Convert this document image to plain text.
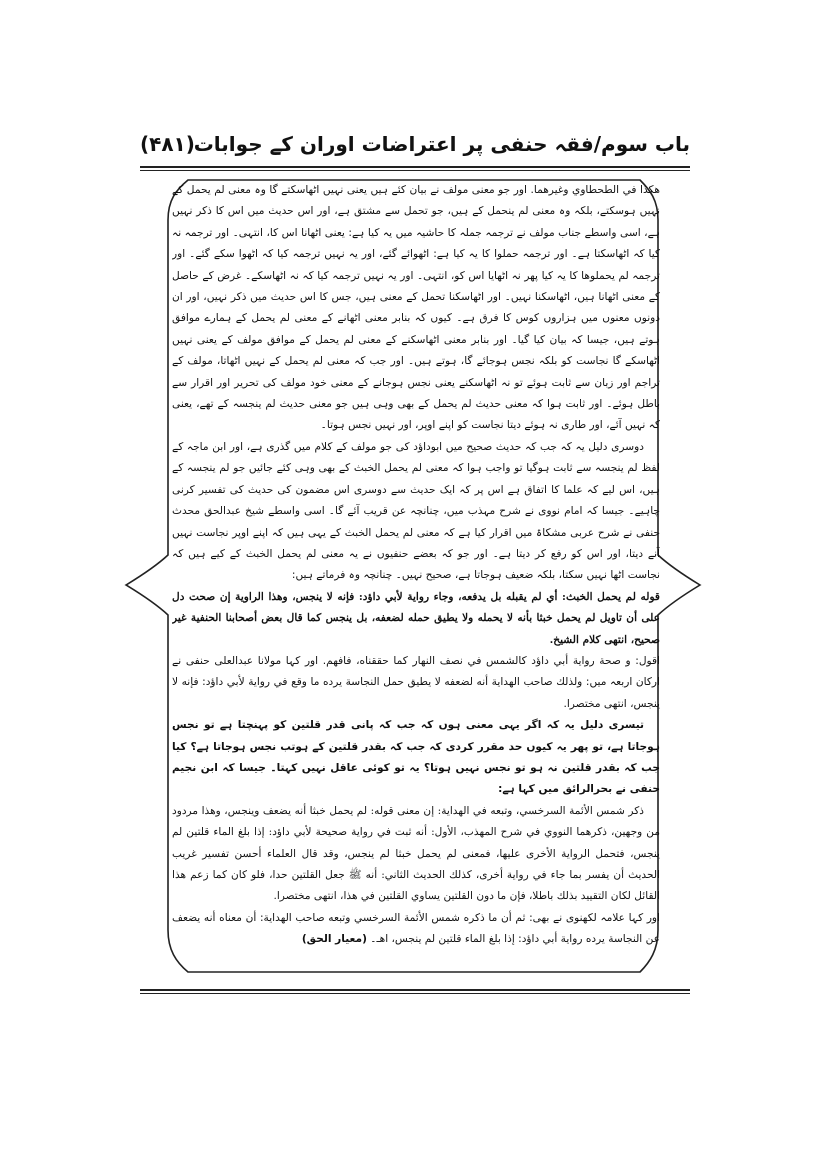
باب سوم/فقہ حنفی پر اعتراضات اوران کے جوابات
(۴۸۱)

هكذا في الطحطاوي وغيرهما. اور جو معنی مولف نے بیان کئے ہیں یعنی نہیں اٹھاسکتے گا وہ معنی لم یحمل کے نہیں ہوسکتے، بلکہ وہ معنی لم ینحمل کے ہیں، جو تحمل سے مشتق ہے، اور اس حدیث میں اس کا ذکر نہیں ہے، اسی واسطے جناب مولف نے ترجمہ جملہ کا حاشیہ میں یہ کیا ہے: یعنی اٹھانا اس کا، انتہی۔ اور ترجمہ نہ کیا کہ اٹھاسکتا ہے۔ اور ترجمہ حملوا کا یہ کیا ہے: اٹھوائے گئے، اور یہ نہیں ترجمہ کیا کہ اٹھوا سکے گئے۔ اور ترجمہ لم یحملوها کا یہ کیا پھر نہ اٹھایا اس کو، انتہی۔ اور یہ نہیں ترجمہ کیا کہ نہ اٹھاسکے۔ غرض کے حاصل کے معنی اٹھانا ہیں، اٹھاسکنا نہیں۔ اور اٹھاسکنا تحمل کے معنی ہیں، جس کا اس حدیث میں ذکر نہیں، اور ان دونوں معنوں میں ہزاروں کوس کا فرق ہے۔ کیوں کہ بنابر معنی اٹھانے کے معنی لم یحمل کے ہمارے موافق ہوتے ہیں، جیسا کہ بیان کیا گیا۔ اور بنابر معنی اٹھاسکنے کے معنی لم یحمل کے موافق مولف کے یعنی نہیں اٹھاسکے گا نجاست کو بلکہ نجس ہوجائے گا، ہوتے ہیں۔ اور جب کہ معنی لم یحمل کے نہیں اٹھاتا، مولف کے تراجم اور زبان سے ثابت ہوئے تو نہ اٹھاسکنے یعنی نجس ہوجانے کے معنی خود مولف کی تحریر اور اقرار سے باطل ہوئے۔ اور ثابت ہوا کہ معنی حدیث لم یحمل کے بھی وہی ہیں جو معنی حدیث لم ینجسہ کے تھے، یعنی کہ نہیں آئے، اور طاری نہ ہوئے دیتا نجاست کو اپنے اوپر، اور نہیں نجس ہوتا۔

دوسری دلیل یہ کہ جب کہ حدیث صحیح میں ابوداؤد کی جو مولف کے کلام میں گذری ہے، اور ابن ماجہ کے لفظ لم ینجسہ سے ثابت ہوگیا تو واجب ہوا کہ معنی لم یحمل الخبث کے بھی وہی کئے جائیں جو لم ینجسہ کے ہیں، اس لیے کہ علما کا اتفاق ہے اس پر کہ ایک حدیث سے دوسری اس مضمون کی حدیث کی تفسیر کرنی چاہیے۔ جیسا کہ امام نووی نے شرح مہذب میں، چنانچہ عن قریب آئے گا۔ اسی واسطے شیخ عبدالحق محدث حنفی نے شرح عربی مشکاۃ میں اقرار کیا ہے کہ معنی لم یحمل الخبث کے یہی ہیں کہ اپنے اوپر نجاست نہیں آنے دیتا، اور اس کو رفع کر دیتا ہے۔ اور جو کہ بعضے حنفیوں نے یہ معنی لم یحمل الخبث کے کیے ہیں کہ نجاست اٹھا نہیں سکتا، بلکہ ضعیف ہوجاتا ہے، صحیح نہیں۔ چنانچہ وہ فرماتے ہیں:

قوله لم يحمل الخبث: أي لم يقبله بل يدفعه، وجاء رواية لأبي داؤد: فإنه لا ينجس، وهذا الراوية إن صحت دل على أن تاويل لم يحمل خبثا بأنه لا يحمله ولا يطيق حمله لضعفه، بل ينجس كما قال بعض أصحابنا الحنفية غير صحيح، انتهى كلام الشيخ.

اقول: و صحة رواية أبي داؤد كالشمس في نصف النهار كما حققناه، فافهم. اور کہا مولانا عبدالعلی حنفی نے ارکان اربعہ میں: ولذلك صاحب الهداية أنه لضعفه لا يطيق حمل النجاسة يرده ما وقع في رواية لأبي داؤد: فإنه لا ينجس، انتهى مختصرا.

تیسری دلیل یہ کہ اگر یہی معنی ہوں کہ جب کہ پانی قدر قلتین کو پہنچتا ہے تو نجس ہوجاتا ہے، تو پھر یہ کیوں حد مقرر کردی کہ جب کہ بقدر قلتین کے ہوتب نجس ہوجاتا ہے؟ کیا جب کہ بقدر قلتین نہ ہو تو نجس نہیں ہوتا؟ یہ تو کوئی عاقل نہیں کہتا۔ جیسا کہ ابن نجیم حنفی نے بحرالرائق میں کہا ہے:

ذكر شمس الأئمة السرخسي، وتبعه في الهداية: إن معنى قوله: لم يحمل خبثا أنه يضعف وينجس، وهذا مردود من وجهين، ذكرهما النووي في شرح المهذب، الأول: أنه ثبت في رواية صحيحة لأبي داؤد: إذا بلغ الماء قلتين لم ينجس، فتحمل الرواية الأخرى عليها، فمعنى لم يحمل خبثا لم ينجس، وقد قال العلماء أحسن تفسير غريب الحديث أن يفسر بما جاء في رواية أخرى، كذلك الحديث الثاني: أنه ﷺ جعل القلتين حدا، فلو كان كما زعم هذا القائل لكان التقييد بذلك باطلا، فإن ما دون القلتين يساوي القلتين في هذا، انتهى مختصرا.

اور کہا علامہ لکھنوی نے بھی: ثم أن ما ذكره شمس الأئمة السرخسي وتبعه صاحب الهداية: أن معناه أنه يضعف عن النجاسة يرده رواية أبي داؤد: إذا بلغ الماء قلتين لم ينجس، اهـ۔ (معیار الحق)
